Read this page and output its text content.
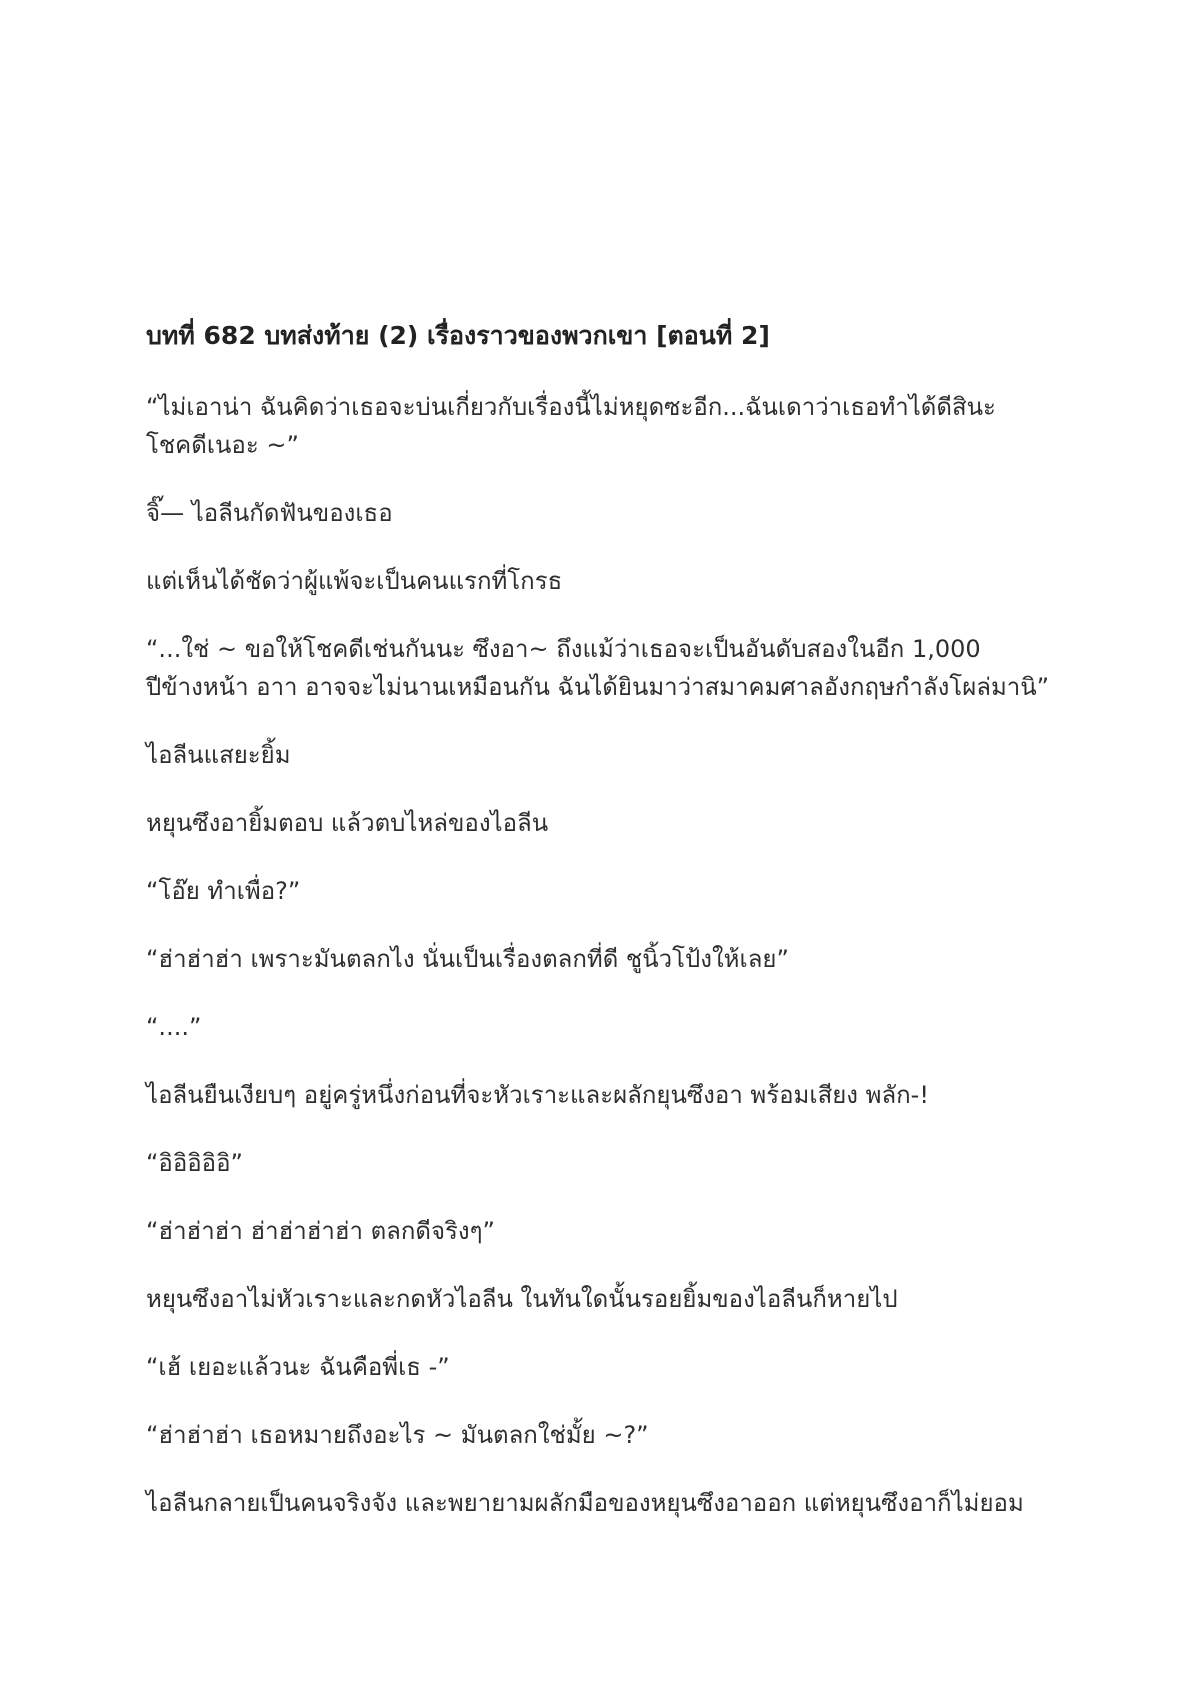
บทที่ 682 บทส่งท้าย (2) เรื่องราวของพวกเขา [ตอนที่ 2]

“ไม่เอาน่า ฉันคิดว่าเธอจะบ่นเกี่ยวกับเรื่องนี้ไม่หยุดซะอีก...ฉันเดาว่าเธอทำได้ดีสินะ
โชคดีเนอะ ~”

จิ๊— ไอลีนกัดฟันของเธอ

แต่เห็นได้ชัดว่าผู้แพ้จะเป็นคนแรกที่โกรธ

“...ใช่ ~ ขอให้โชคดีเช่นกันนะ ซึงอา~ ถึงแม้ว่าเธอจะเป็นอันดับสองในอีก 1,000
ปีข้างหน้า อาา อาจจะไม่นานเหมือนกัน ฉันได้ยินมาว่าสมาคมศาลอังกฤษกำลังโผล่มานิ”

ไอลีนแสยะยิ้ม

หยุนซึงอายิ้มตอบ แล้วตบไหล่ของไอลีน

“โอ๊ย ทำเพื่อ?”

“ฮ่าฮ่าฮ่า เพราะมันตลกไง นั่นเป็นเรื่องตลกที่ดี ชูนิ้วโป้งให้เลย”

“....”

ไอลีนยืนเงียบๆ อยู่ครู่หนึ่งก่อนที่จะหัวเราะและผลักยุนซึงอา พร้อมเสียง พลัก-!

“อิอิอิอิอิ”

“ฮ่าฮ่าฮ่า ฮ่าฮ่าฮ่าฮ่า ตลกดีจริงๆ”

หยุนซึงอาไม่หัวเราะและกดหัวไอลีน ในทันใดนั้นรอยยิ้มของไอลีนก็หายไป

“เฮ้ เยอะแล้วนะ ฉันคือพี่เธ -”

“ฮ่าฮ่าฮ่า เธอหมายถึงอะไร ~ มันตลกใช่มั้ย ~?”

ไอลีนกลายเป็นคนจริงจัง และพยายามผลักมือของหยุนซึงอาออก แต่หยุนซึงอาก็ไม่ยอม
